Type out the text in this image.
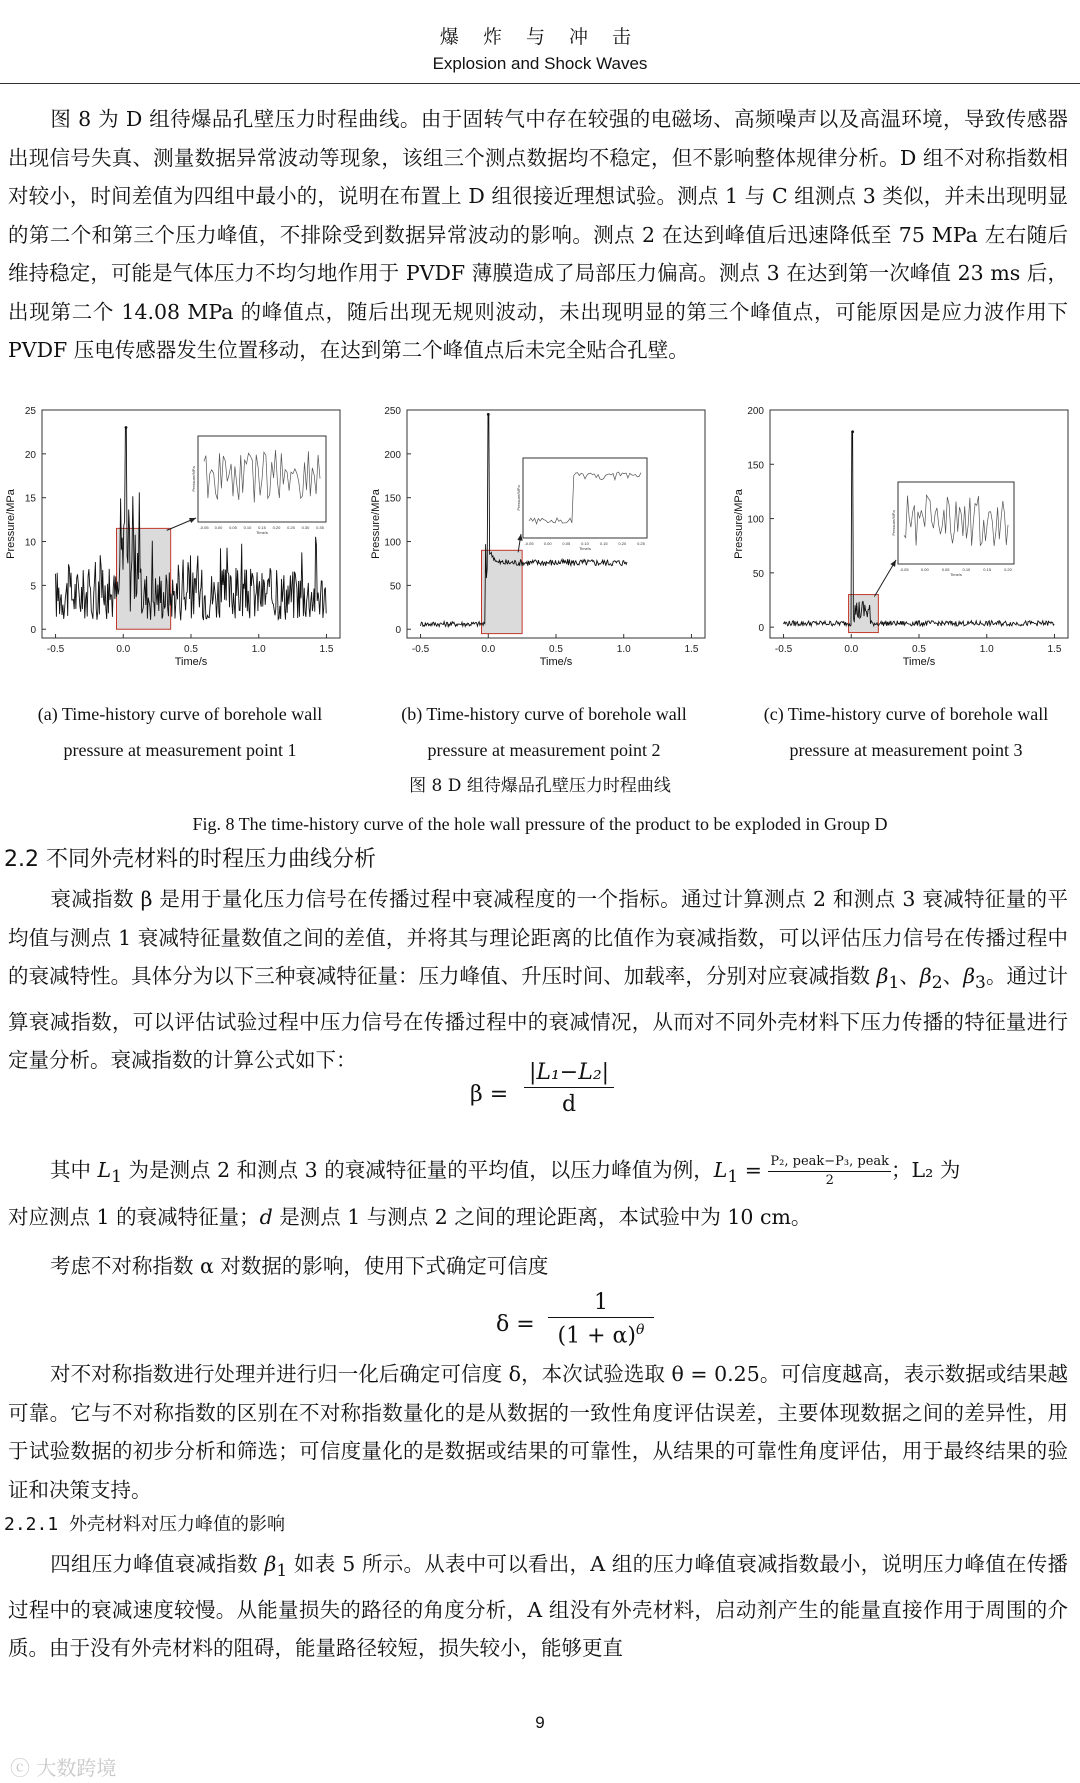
爆 炸 与 冲 击
Explosion and Shock Waves
图 8 为 D 组待爆品孔壁压力时程曲线。由于固转气中存在较强的电磁场、高频噪声以及高温环境，导致传感器出现信号失真、测量数据异常波动等现象，该组三个测点数据均不稳定，但不影响整体规律分析。D 组不对称指数相对较小，时间差值为四组中最小的，说明在布置上 D 组很接近理想试验。测点 1 与 C 组测点 3 类似，并未出现明显的第二个和第三个压力峰值，不排除受到数据异常波动的影响。测点 2 在达到峰值后迅速降低至 75 MPa 左右随后维持稳定，可能是气体压力不均匀地作用于 PVDF 薄膜造成了局部压力偏高。测点 3 在达到第一次峰值 23 ms 后，出现第二个 14.08 MPa 的峰值点，随后出现无规则波动，未出现明显的第三个峰值点，可能原因是应力波作用下 PVDF 压电传感器发生位置移动，在达到第二个峰值点后未完全贴合孔壁。
-0.5	0.0	0.5	1.0	1.5
0
5
10
15
20
25
Time/s
Pressure/MPa	-0.05 0.00 0.05 0.10 0.15 0.20 0.25 0.30 0.35
Time/s
Pressure/MPa
-0.5	0.0	0.5	1.0	1.5
0
50
100
150
200
250
Time/s
Pressure/MPa	-0.05	0.00	0.05	0.10	0.15	0.20	0.25
Time/s
Pressure/MPa
-0.5	0.0	0.5	1.0	1.5
0
50
100
150
200
Time/s
Pressure/MPa
-0.05	0.00	0.05	0.10	0.15	0.20
Time/s
Pressure/MPa
(a) Time-history curve of borehole wall
pressure at measurement point 1
(b) Time-history curve of borehole wall
pressure at measurement point 2
(c) Time-history curve of borehole wall
pressure at measurement point 3
图 8 D 组待爆品孔壁压力时程曲线
Fig. 8 The time-history curve of the hole wall pressure of the product to be exploded in Group D
2.2 不同外壳材料的时程压力曲线分析
衰减指数 β 是用于量化压力信号在传播过程中衰减程度的一个指标。通过计算测点 2 和测点 3 衰减特征量的平均值与测点 1 衰减特征量数值之间的差值，并将其与理论距离的比值作为衰减指数，可以评估压力信号在传播过程中的衰减特性。具体分为以下三种衰减特征量：压力峰值、升压时间、加载率，分别对应衰减指数 $\beta_1$、$\beta_2$、$\beta_3$。通过计算衰减指数，可以评估试验过程中压力信号在传播过程中的衰减情况，从而对不同外壳材料下压力传播的特征量进行定量分析。衰减指数的计算公式如下：
$\beta = \frac{\text{|L₁−L₂|}}{d}$
其中 $L_1$ 为是测点 2 和测点 3 的衰减特征量的平均值，以压力峰值为例，$L_1 = P_2$, peak−P₃, peak
2	；L₂ 为
对应测点 1 的衰减特征量；d 是测点 1 与测点 2 之间的理论距离，本试验中为 10 cm。
考虑不对称指数 α 对数据的影响，使用下式确定可信度
$\delta = \frac{1}{(1 + \alpha)^\theta}$
对不对称指数进行处理并进行归一化后确定可信度 δ，本次试验选取 θ = 0.25。可信度越高，表示数据或结果越可靠。它与不对称指数的区别在不对称指数量化的是从数据的一致性角度评估误差，主要体现数据之间的差异性，用于试验数据的初步分析和筛选；可信度量化的是数据或结果的可靠性，从结果的可靠性角度评估，用于最终结果的验证和决策支持。
2.2.1 外壳材料对压力峰值的影响
四组压力峰值衰减指数 $\beta_1$ 如表 5 所示。从表中可以看出，A 组的压力峰值衰减指数最小，说明压力峰值在传播过程中的衰减速度较慢。从能量损失的路径的角度分析，A 组没有外壳材料，启动剂产生的能量直接作用于周围的介质。由于没有外壳材料的阻碍，能量路径较短，损失较小，能够更直
9
ⓒ 大数跨境
